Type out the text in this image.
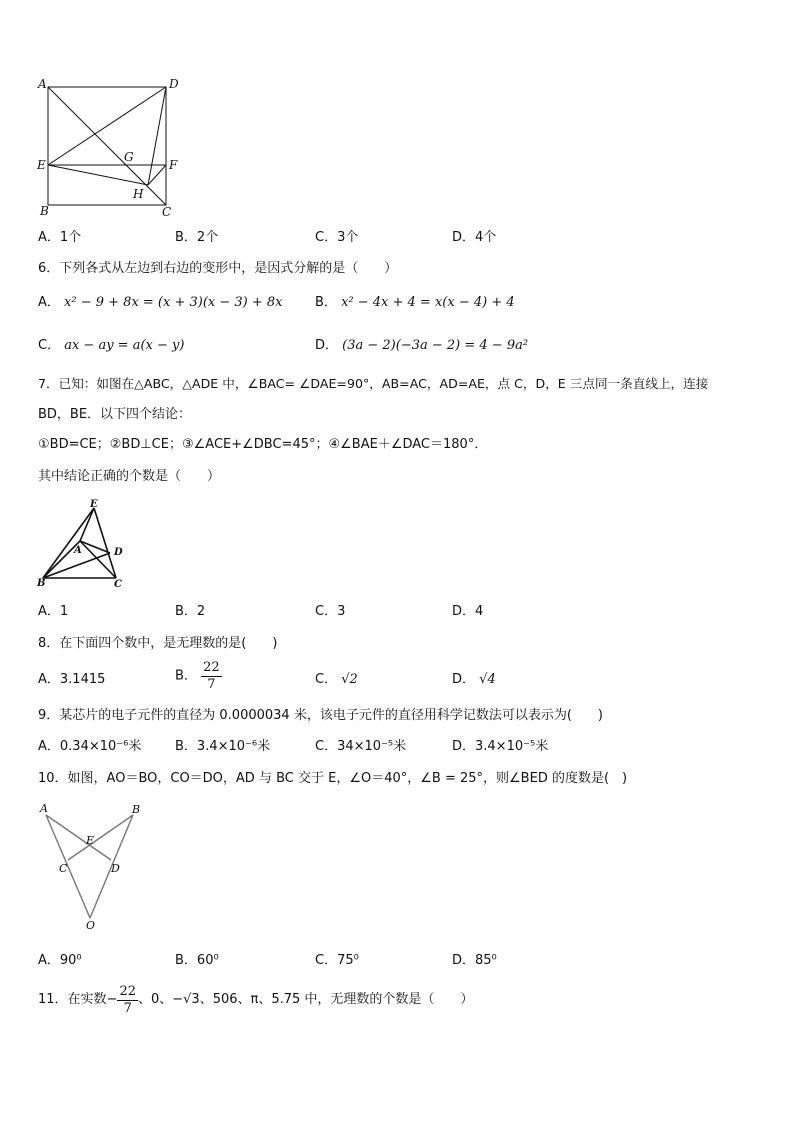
A	D
E
G
F
H
B	C
A．1个	B．2个	C．3个	D．4个
6．下列各式从左边到右边的变形中，是因式分解的是（　　）
A． x² − 9 + 8x = (x + 3)(x − 3) + 8x B． x² − 4x + 4 = x(x − 4) + 4
C． ax − ay = a(x − y)	D． (3a − 2)(−3a − 2) = 4 − 9a²
7．已知：如图在△ABC，△ADE 中，∠BAC= ∠DAE=90°，AB=AC，AD=AE，点 C，D，E 三点同一条直线上，连接
BD，BE．以下四个结论：
①BD=CE；②BD⊥CE；③∠ACE+∠DBC=45°；④∠BAE＋∠DAC＝180°．
其中结论正确的个数是（　　）
E
A	D
B	C
A．1	B．2	C．3	D．4
8．在下面四个数中，是无理数的是(　　)
A．3.1415	B． $\frac{22}{7}$	C． √2	D． √4
9．某芯片的电子元件的直径为 0.0000034 米，该电子元件的直径用科学记数法可以表示为(　　)
A．0.34×10⁻⁶米	B．3.4×10⁻⁶米	C．34×10⁻⁵米	D．3.4×10⁻⁵米
10．如图，AO＝BO，CO＝DO，AD 与 BC 交于 E，∠O＝40°，∠B = 25°，则∠BED 的度数是(　)
A	B
E
C	D
O
A．90⁰	B．60⁰	C．75⁰	D．85⁰
11．在实数− $\frac{22}{7}$ 、0、−√3、506、π、5.75 中，无理数的个数是（　　）
